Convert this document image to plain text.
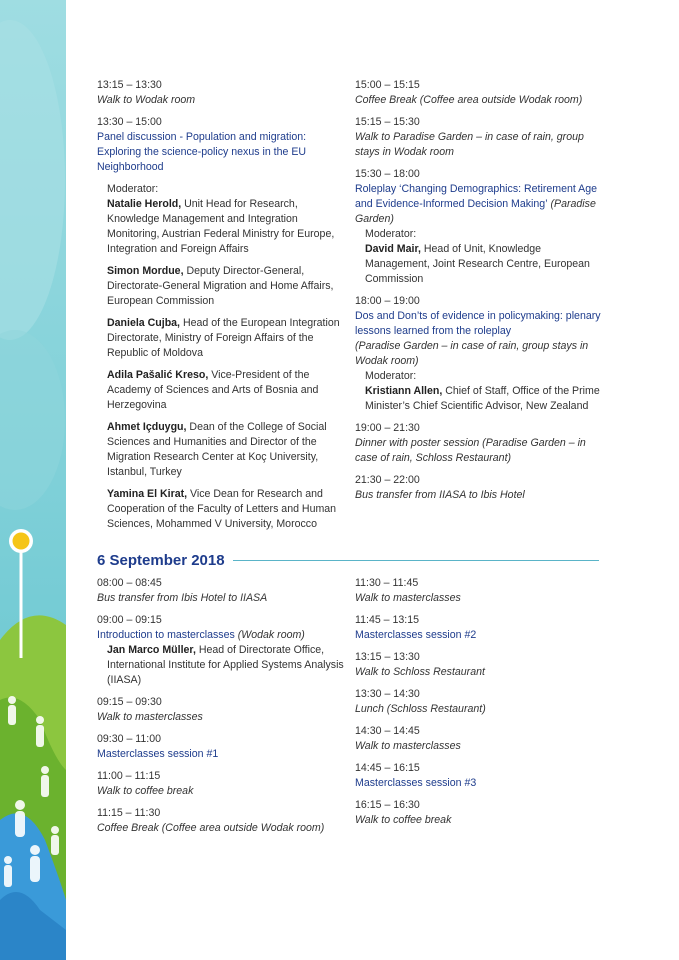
13:15 – 13:30
Walk to Wodak room
13:30 – 15:00
Panel discussion - Population and migration: Exploring the science-policy nexus in the EU Neighborhood
Moderator:
Natalie Herold, Unit Head for Research, Knowledge Management and Integration Monitoring, Austrian Federal Ministry for Europe, Integration and Foreign Affairs
Simon Mordue, Deputy Director-General, Directorate-General Migration and Home Affairs, European Commission
Daniela Cujba, Head of the European Integration Directorate, Ministry of Foreign Affairs of the Republic of Moldova
Adila Pašalić Kreso, Vice-President of the Academy of Sciences and Arts of Bosnia and Herzegovina
Ahmet Içduygu, Dean of the College of Social Sciences and Humanities and Director of the Migration Research Center at Koç University, Istanbul, Turkey
Yamina El Kirat, Vice Dean for Research and Cooperation of the Faculty of Letters and Human Sciences, Mohammed V University, Morocco
15:00 – 15:15
Coffee Break (Coffee area outside Wodak room)
15:15 – 15:30
Walk to Paradise Garden – in case of rain, group stays in Wodak room
15:30 – 18:00
Roleplay ‘Changing Demographics: Retirement Age and Evidence-Informed Decision Making’ (Paradise Garden)
Moderator:
David Mair, Head of Unit, Knowledge Management, Joint Research Centre, European Commission
18:00 – 19:00
Dos and Don’ts of evidence in policymaking: plenary lessons learned from the roleplay
(Paradise Garden – in case of rain, group stays in Wodak room)
Moderator:
Kristiann Allen, Chief of Staff, Office of the Prime Minister’s Chief Scientific Advisor, New Zealand
19:00 – 21:30
Dinner with poster session (Paradise Garden – in case of rain, Schloss Restaurant)
21:30 – 22:00
Bus transfer from IIASA to Ibis Hotel
6 September 2018
08:00 – 08:45
Bus transfer from Ibis Hotel to IIASA
09:00 – 09:15
Introduction to masterclasses (Wodak room)
Jan Marco Müller, Head of Directorate Office, International Institute for Applied Systems Analysis (IIASA)
09:15 – 09:30
Walk to masterclasses
09:30 – 11:00
Masterclasses session #1
11:00 – 11:15
Walk to coffee break
11:15 – 11:30
Coffee Break (Coffee area outside Wodak room)
11:30 – 11:45
Walk to masterclasses
11:45 – 13:15
Masterclasses session #2
13:15 – 13:30
Walk to Schloss Restaurant
13:30 – 14:30
Lunch (Schloss Restaurant)
14:30 – 14:45
Walk to masterclasses
14:45 – 16:15
Masterclasses session #3
16:15 – 16:30
Walk to coffee break
